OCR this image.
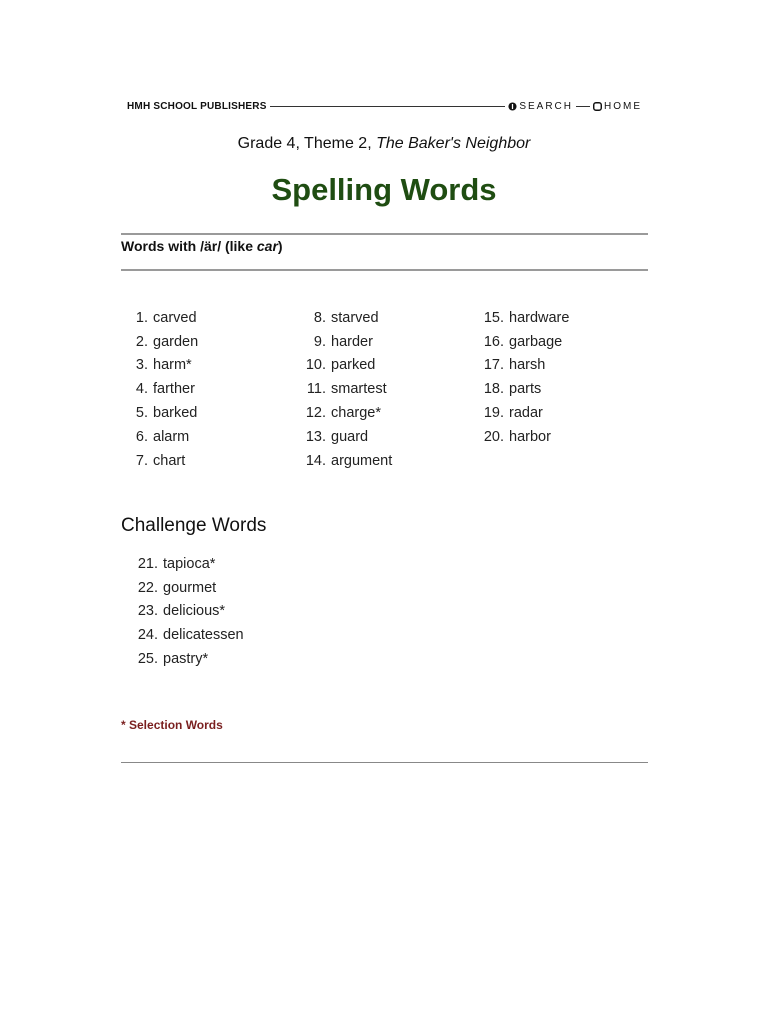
HMH SCHOOL PUBLISHERS	SEARCH	HOME
Grade 4, Theme 2, The Baker's Neighbor
Spelling Words
Words with /är/ (like car)
1. carved
2. garden
3. harm*
4. farther
5. barked
6. alarm
7. chart
8. starved
9. harder
10. parked
11. smartest
12. charge*
13. guard
14. argument
15. hardware
16. garbage
17. harsh
18. parts
19. radar
20. harbor
Challenge Words
21. tapioca*
22. gourmet
23. delicious*
24. delicatessen
25. pastry*
* Selection Words
